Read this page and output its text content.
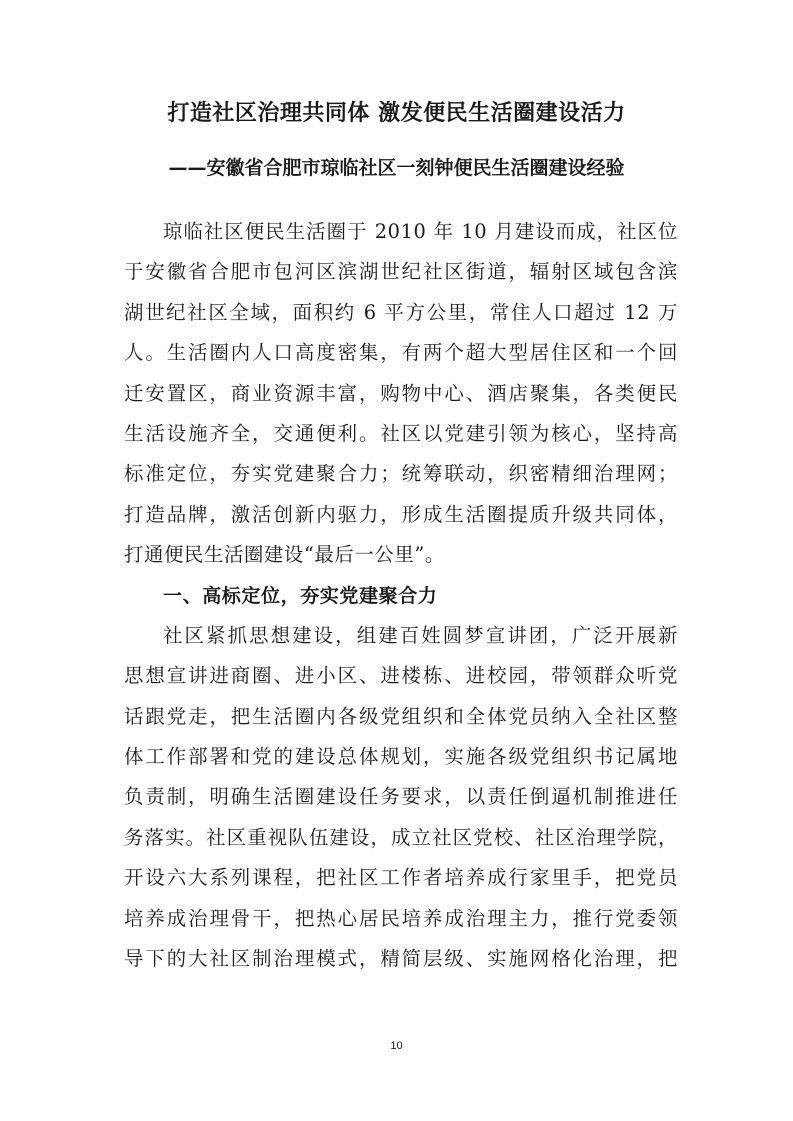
打造社区治理共同体 激发便民生活圈建设活力
——安徽省合肥市琼临社区一刻钟便民生活圈建设经验
琼临社区便民生活圈于 2010 年 10 月建设而成，社区位
于安徽省合肥市包河区滨湖世纪社区街道，辐射区域包含滨
湖世纪社区全域，面积约 6 平方公里，常住人口超过 12 万
人。生活圈内人口高度密集，有两个超大型居住区和一个回
迁安置区，商业资源丰富，购物中心、酒店聚集，各类便民
生活设施齐全，交通便利。社区以党建引领为核心，坚持高
标准定位，夯实党建聚合力；统筹联动，织密精细治理网；
打造品牌，激活创新内驱力，形成生活圈提质升级共同体，
打通便民生活圈建设“最后一公里”。
一、高标定位，夯实党建聚合力
社区紧抓思想建设，组建百姓圆梦宣讲团，广泛开展新
思想宣讲进商圈、进小区、进楼栋、进校园，带领群众听党
话跟党走，把生活圈内各级党组织和全体党员纳入全社区整
体工作部署和党的建设总体规划，实施各级党组织书记属地
负责制，明确生活圈建设任务要求，以责任倒逼机制推进任
务落实。社区重视队伍建设，成立社区党校、社区治理学院，
开设六大系列课程，把社区工作者培养成行家里手，把党员
培养成治理骨干，把热心居民培养成治理主力，推行党委领
导下的大社区制治理模式，精简层级、实施网格化治理，把
10
